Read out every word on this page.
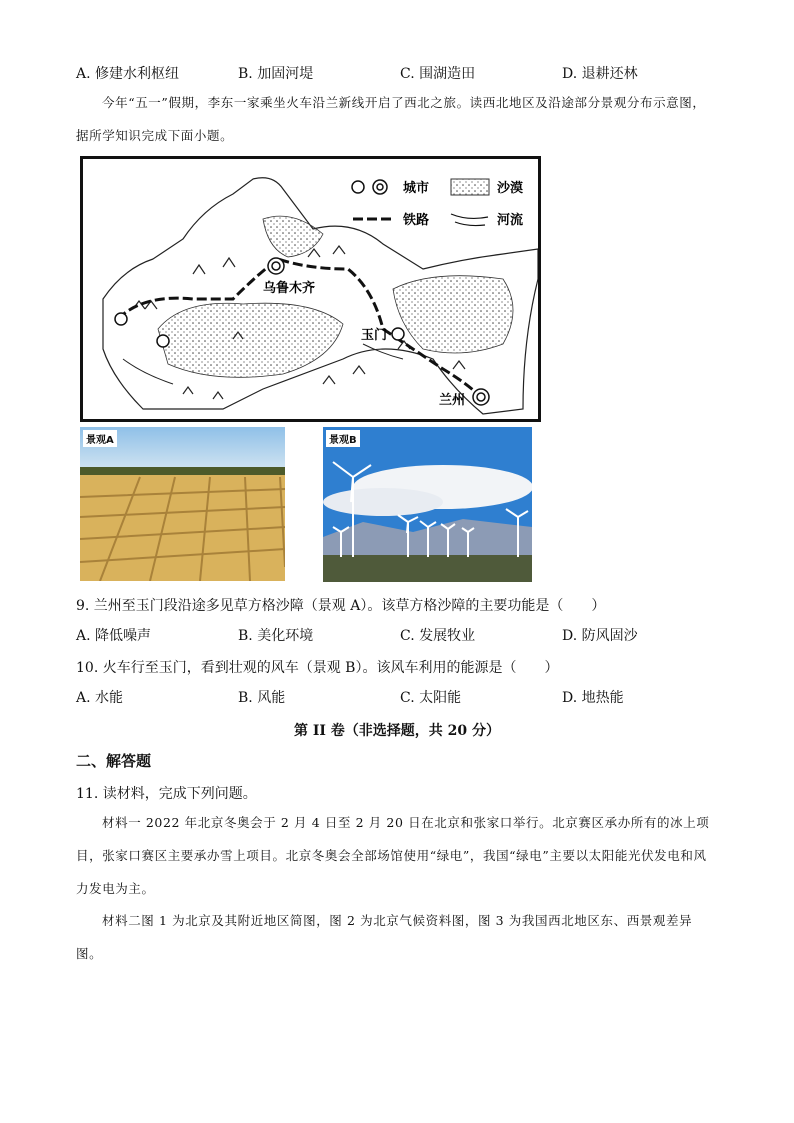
A. 修建水利枢纽	B. 加固河堤	C. 围湖造田	D. 退耕还林
今年“五一”假期，李东一家乘坐火车沿兰新线开启了西北之旅。读西北地区及沿途部分景观分布示意图，据所学知识完成下面小题。
乌鲁木齐
玉门
兰州
城市	沙漠
铁路	河流
景观A	景观B
9. 兰州至玉门段沿途多见草方格沙障（景观 A）。该草方格沙障的主要功能是（　　）
A. 降低噪声	B. 美化环境	C. 发展牧业	D. 防风固沙
10. 火车行至玉门，看到壮观的风车（景观 B）。该风车利用的能源是（　　）
A. 水能	B. 风能	C. 太阳能	D. 地热能
第 II 卷（非选择题，共 20 分）
二、解答题
11. 读材料，完成下列问题。
材料一 2022 年北京冬奥会于 2 月 4 日至 2 月 20 日在北京和张家口举行。北京赛区承办所有的冰上项目，张家口赛区主要承办雪上项目。北京冬奥会全部场馆使用“绿电”，我国“绿电”主要以太阳能光伏发电和风力发电为主。
材料二图 1 为北京及其附近地区简图，图 2 为北京气候资料图，图 3 为我国西北地区东、西景观差异图。
